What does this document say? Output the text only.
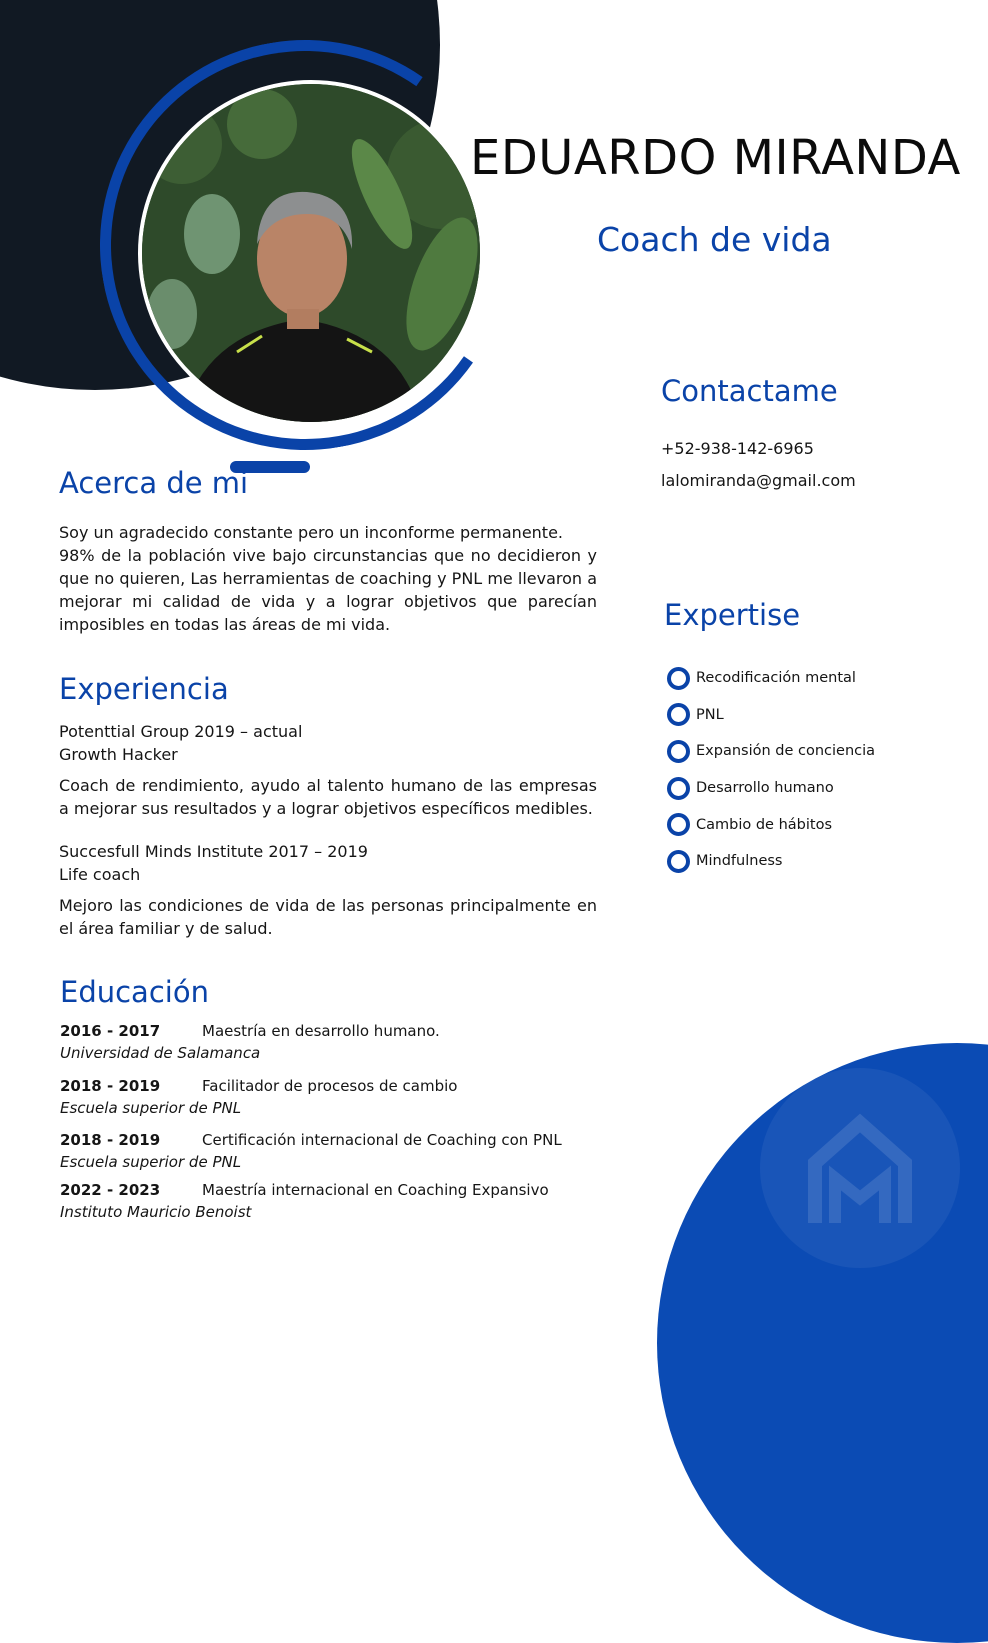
EDUARDO MIRANDA
Coach de vida
Contactame
+52-938-142-6965
lalomiranda@gmail.com
Acerca de mi
Soy un agradecido constante pero un inconforme permanente.
98% de la población vive bajo circunstancias que no decidieron y que no quieren, Las herramientas de coaching y PNL me llevaron a mejorar mi calidad de vida y a lograr objetivos que parecían imposibles en todas las áreas de mi vida.
Experiencia
Potenttial Group 2019 – actual
Growth Hacker
Coach de rendimiento, ayudo al talento humano de las empresas a mejorar sus resultados y a lograr objetivos específicos medibles.
Succesfull Minds Institute 2017 – 2019
Life coach
Mejoro las condiciones de vida de las personas principalmente en el área familiar y de salud.
Expertise
Recodificación mental
PNL
Expansión de conciencia
Desarrollo humano
Cambio de hábitos
Mindfulness
Educación
2016 - 2017	Maestría en desarrollo humano.
Universidad de Salamanca
2018 - 2019	Facilitador de procesos de cambio
Escuela superior de PNL
2018 - 2019	Certificación internacional de Coaching con PNL
Escuela superior de PNL
2022 - 2023	Maestría internacional en Coaching Expansivo
Instituto Mauricio Benoist
